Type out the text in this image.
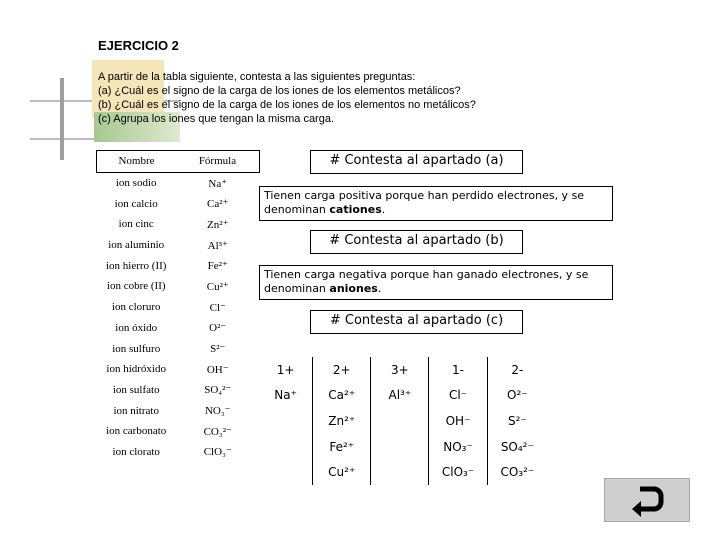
EJERCICIO 2
A partir de la tabla siguiente, contesta a las siguientes preguntas:
(a) ¿Cuál es el signo de la carga de los iones de los elementos metálicos?
(b) ¿Cuál es el signo de la carga de los iones de los elementos no metálicos?
(c) Agrupa los iones que tengan la misma carga.
Nombre	Fórmula
ion sodio	Na⁺
ion calcio	Ca²⁺
ion cinc	Zn²⁺
ion aluminio	Al³⁺
ion hierro (II)	Fe²⁺
ion cobre (II)	Cu²⁺
ion cloruro	Cl⁻
ion óxido	O²⁻
ion sulfuro	S²⁻
ion hidróxido	OH⁻
ion sulfato	SO₄²⁻
ion nitrato	NO₃⁻
ion carbonato	CO₃²⁻
ion clorato	ClO₃⁻
# Contesta al apartado (a)
Tienen carga positiva porque han perdido electrones, y se denominan cationes.
# Contesta al apartado (b)
Tienen carga negativa porque han ganado electrones, y se denominan aniones.
# Contesta al apartado (c)
1+	2+	3+	1-	2-
Na⁺	Ca²⁺	Al³⁺	Cl⁻	O²⁻
	Zn²⁺		OH⁻	S²⁻
	Fe²⁺		NO₃⁻	SO₄²⁻
	Cu²⁺		ClO₃⁻	CO₃²⁻
